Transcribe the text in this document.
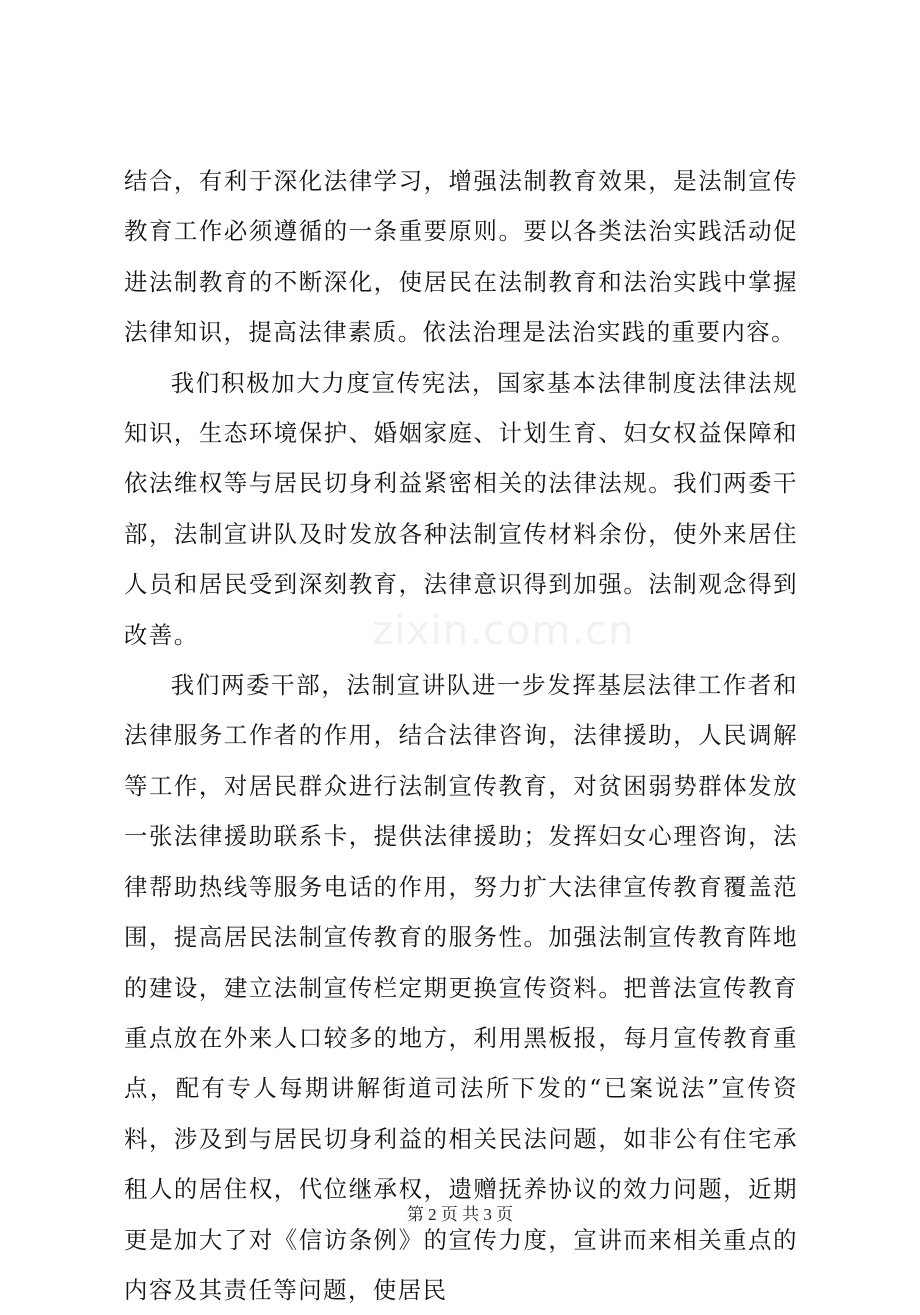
结合，有利于深化法律学习，增强法制教育效果，是法制宣传教育工作必须遵循的一条重要原则。要以各类法治实践活动促进法制教育的不断深化，使居民在法制教育和法治实践中掌握法律知识，提高法律素质。依法治理是法治实践的重要内容。

我们积极加大力度宣传宪法，国家基本法律制度法律法规知识，生态环境保护、婚姻家庭、计划生育、妇女权益保障和依法维权等与居民切身利益紧密相关的法律法规。我们两委干部，法制宣讲队及时发放各种法制宣传材料余份，使外来居住人员和居民受到深刻教育，法律意识得到加强。法制观念得到改善。

我们两委干部，法制宣讲队进一步发挥基层法律工作者和法律服务工作者的作用，结合法律咨询，法律援助，人民调解等工作，对居民群众进行法制宣传教育，对贫困弱势群体发放一张法律援助联系卡，提供法律援助；发挥妇女心理咨询，法律帮助热线等服务电话的作用，努力扩大法律宣传教育覆盖范围，提高居民法制宣传教育的服务性。加强法制宣传教育阵地的建设，建立法制宣传栏定期更换宣传资料。把普法宣传教育重点放在外来人口较多的地方，利用黑板报，每月宣传教育重点，配有专人每期讲解街道司法所下发的“已案说法”宣传资料，涉及到与居民切身利益的相关民法问题，如非公有住宅承租人的居住权，代位继承权，遗赠抚养协议的效力问题，近期更是加大了对《信访条例》的宣传力度，宣讲而来相关重点的内容及其责任等问题，使居民

zixin.com.cn
第 2 页 共 3 页
